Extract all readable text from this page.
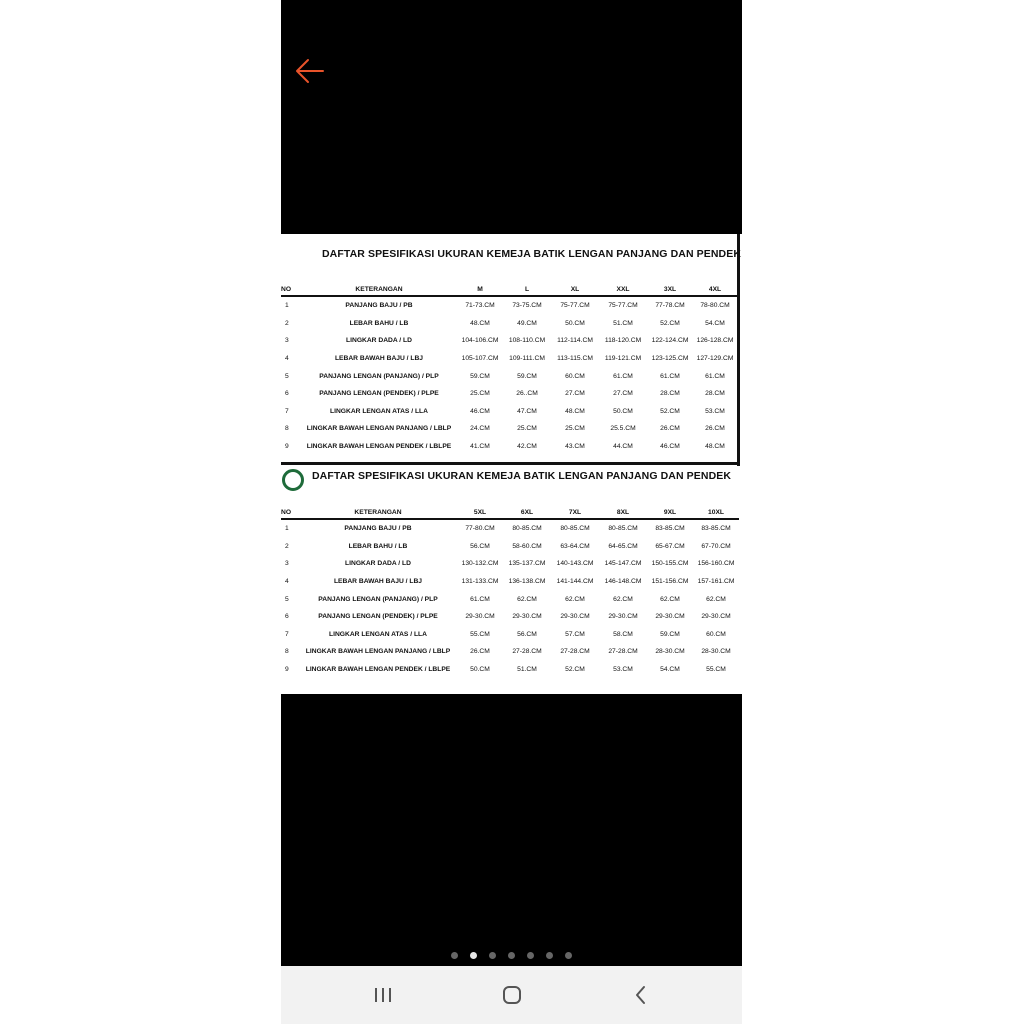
DAFTAR SPESIFIKASI UKURAN KEMEJA BATIK LENGAN PANJANG DAN PENDEK
NO	KETERANGAN	M	L	XL	XXL	3XL	4XL
1	PANJANG BAJU / PB	71-73.CM	73-75.CM	75-77.CM	75-77.CM	77-78.CM	78-80.CM
2	LEBAR BAHU / LB	48.CM	49.CM	50.CM	51.CM	52.CM	54.CM
3	LINGKAR DADA / LD	104-106.CM	108-110.CM	112-114.CM	118-120.CM	122-124.CM	126-128.CM
4	LEBAR BAWAH BAJU / LBJ	105-107.CM	109-111.CM	113-115.CM	119-121.CM	123-125.CM	127-129.CM
5	PANJANG LENGAN (PANJANG) / PLP	59.CM	59.CM	60.CM	61.CM	61.CM	61.CM
6	PANJANG LENGAN (PENDEK) / PLPE	25.CM	26..CM	27.CM	27.CM	28.CM	28.CM
7	LINGKAR LENGAN ATAS / LLA	46.CM	47.CM	48.CM	50.CM	52.CM	53.CM
8	LINGKAR BAWAH LENGAN PANJANG / LBLP	24.CM	25.CM	25.CM	25.5.CM	26.CM	26.CM
9	LINGKAR BAWAH LENGAN PENDEK / LBLPE	41.CM	42.CM	43.CM	44.CM	46.CM	48.CM
DAFTAR SPESIFIKASI UKURAN KEMEJA BATIK LENGAN PANJANG DAN PENDEK
NO	KETERANGAN	5XL	6XL	7XL	8XL	9XL	10XL
1	PANJANG BAJU / PB	77-80.CM	80-85.CM	80-85.CM	80-85.CM	83-85.CM	83-85.CM
2	LEBAR BAHU / LB	56.CM	58-60.CM	63-64.CM	64-65.CM	65-67.CM	67-70.CM
3	LINGKAR DADA / LD	130-132.CM	135-137.CM	140-143.CM	145-147.CM	150-155.CM	156-160.CM
4	LEBAR BAWAH BAJU / LBJ	131-133.CM	136-138.CM	141-144.CM	146-148.CM	151-156.CM	157-161.CM
5	PANJANG LENGAN (PANJANG) / PLP	61.CM	62.CM	62.CM	62.CM	62.CM	62.CM
6	PANJANG LENGAN (PENDEK) / PLPE	29-30.CM	29-30.CM	29-30.CM	29-30.CM	29-30.CM	29-30.CM
7	LINGKAR LENGAN ATAS / LLA	55.CM	56.CM	57.CM	58.CM	59.CM	60.CM
8	LINGKAR BAWAH LENGAN PANJANG / LBLP	26.CM	27-28.CM	27-28.CM	27-28.CM	28-30.CM	28-30.CM
9	LINGKAR BAWAH LENGAN PENDEK / LBLPE	50.CM	51.CM	52.CM	53.CM	54.CM	55.CM
